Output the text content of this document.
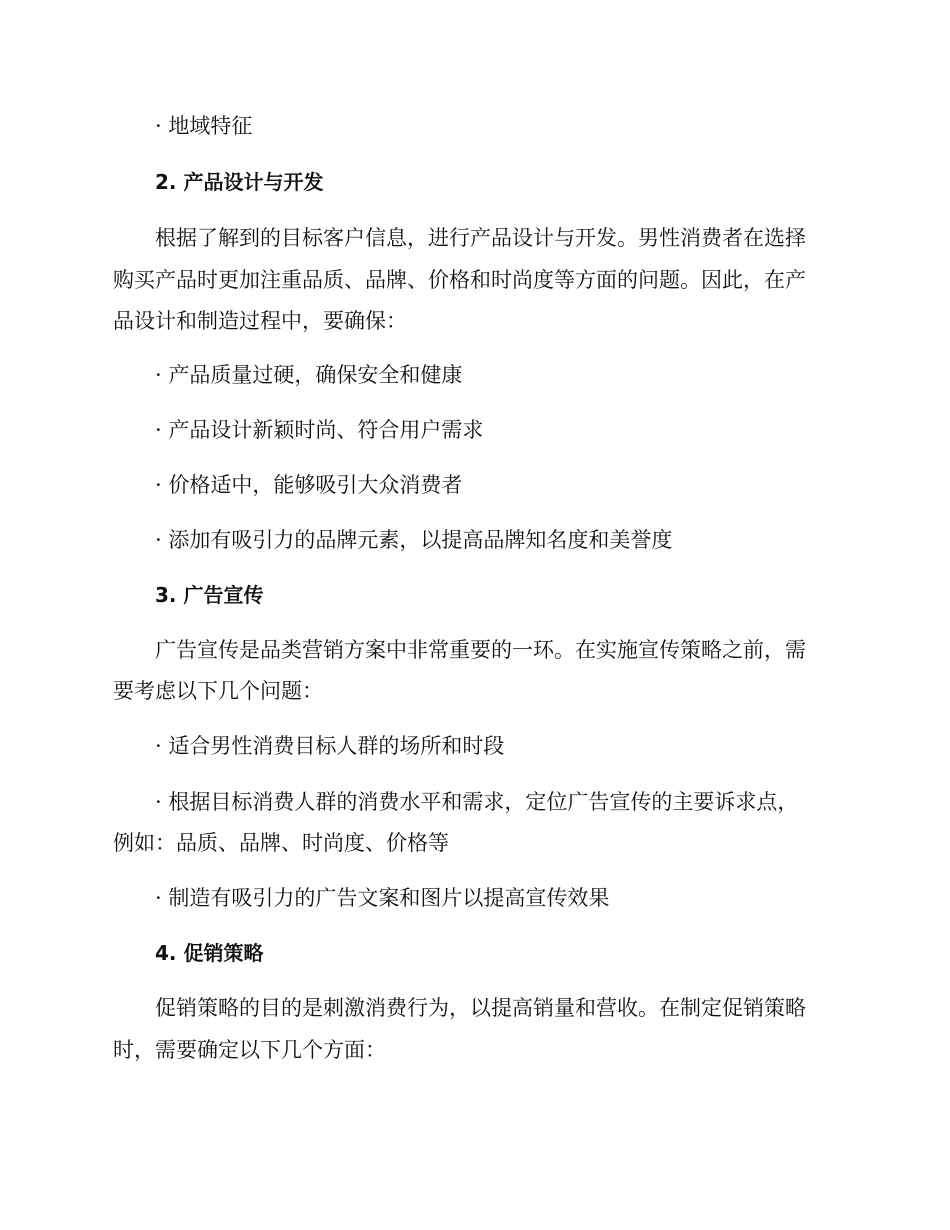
· 地域特征
2. 产品设计与开发
根据了解到的目标客户信息，进行产品设计与开发。男性消费者在选择
购买产品时更加注重品质、品牌、价格和时尚度等方面的问题。因此，在产
品设计和制造过程中，要确保：
· 产品质量过硬，确保安全和健康
· 产品设计新颖时尚、符合用户需求
· 价格适中，能够吸引大众消费者
· 添加有吸引力的品牌元素，以提高品牌知名度和美誉度
3. 广告宣传
广告宣传是品类营销方案中非常重要的一环。在实施宣传策略之前，需
要考虑以下几个问题：
· 适合男性消费目标人群的场所和时段
· 根据目标消费人群的消费水平和需求，定位广告宣传的主要诉求点，
例如：品质、品牌、时尚度、价格等
· 制造有吸引力的广告文案和图片以提高宣传效果
4. 促销策略
促销策略的目的是刺激消费行为，以提高销量和营收。在制定促销策略
时，需要确定以下几个方面：
